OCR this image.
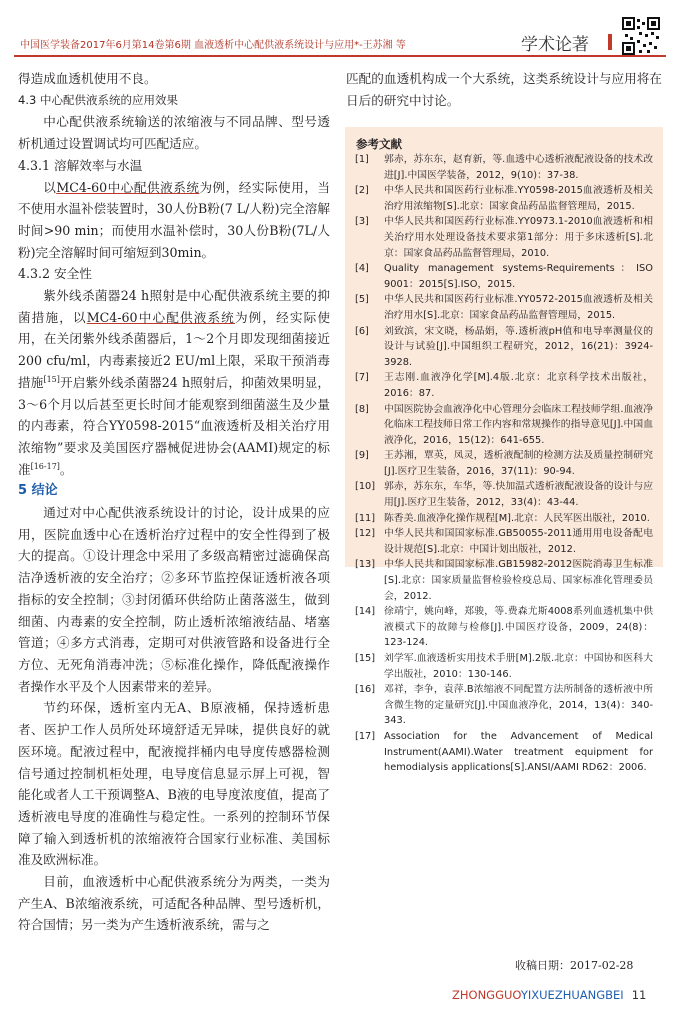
中国医学装备2017年6月第14卷第6期 血液透析中心配供液系统设计与应用*-王苏湘 等	学术论著

得造成血透机使用不良。

4.3 中心配供液系统的应用效果

中心配供液系统输送的浓缩液与不同品牌、型号透析机通过设置调试均可匹配适应。

4.3.1 溶解效率与水温

以MC4-60中心配供液系统为例，经实际使用，当不使用水温补偿装置时，30人份B粉(7 L/人粉)完全溶解时间>90 min；而使用水温补偿时，30人份B粉(7L/人粉)完全溶解时间可缩短到30min。

4.3.2 安全性

紫外线杀菌器24 h照射是中心配供液系统主要的抑菌措施，以MC4-60中心配供液系统为例，经实际使用，在关闭紫外线杀菌器后，1～2个月即发现细菌接近200 cfu/ml，内毒素接近2 EU/ml上限，采取干预消毒措施[15]开启紫外线杀菌器24 h照射后，抑菌效果明显，3～6个月以后甚至更长时间才能观察到细菌滋生及少量的内毒素，符合YY0598-2015“血液透析及相关治疗用浓缩物”要求及美国医疗器械促进协会(AAMI)规定的标准[16-17]。

5 结论

通过对中心配供液系统设计的讨论，设计成果的应用，医院血透中心在透析治疗过程中的安全性得到了极大的提高。①设计理念中采用了多级高精密过滤确保高洁净透析液的安全治疗；②多环节监控保证透析液各项指标的安全控制；③封闭循环供给防止菌落滋生，做到细菌、内毒素的安全控制，防止透析浓缩液结晶、堵塞管道；④多方式消毒，定期可对供液管路和设备进行全方位、无死角消毒冲洗；⑤标准化操作，降低配液操作者操作水平及个人因素带来的差异。

节约环保，透析室内无A、B原液桶，保持透析患者、医护工作人员所处环境舒适无异味，提供良好的就医环境。配液过程中，配液搅拌桶内电导度传感器检测信号通过控制机柜处理，电导度信息显示屏上可视，智能化或者人工干预调整A、B液的电导度浓度值，提高了透析液电导度的准确性与稳定性。一系列的控制环节保障了输入到透析机的浓缩液符合国家行业标准、美国标准及欧洲标准。

目前，血液透析中心配供液系统分为两类，一类为产生A、B浓缩液系统，可适配各种品牌、型号透析机，符合国情；另一类为产生透析液系统，需与之

匹配的血透机构成一个大系统，这类系统设计与应用将在日后的研究中讨论。

参考文献
[1]	郭赤，苏东东，赵育新，等.血透中心透析液配液设备的技术改进[J].中国医学装备，2012，9(10)：37-38.
[2]	中华人民共和国医药行业标准.YY0598-2015血液透析及相关治疗用浓缩物[S].北京：国家食品药品监督管理局，2015.
[3]	中华人民共和国医药行业标准.YY0973.1-2010血液透析和相关治疗用水处理设备技术要求第1部分：用于多床透析[S].北京：国家食品药品监督管理局，2010.
[4]	Quality management systems-Requirements：ISO 9001：2015[S].ISO，2015.
[5]	中华人民共和国医药行业标准.YY0572-2015血液透析及相关治疗用水[S].北京：国家食品药品监督管理局，2015.
[6]	刘致滨，宋文晓，杨晶娟，等.透析液pH值和电导率测量仪的设计与试验[J].中国组织工程研究，2012，16(21)：3924-3928.
[7]	王志刚.血液净化学[M].4版.北京：北京科学技术出版社，2016：87.
[8]	中国医院协会血液净化中心管理分会临床工程技师学组.血液净化临床工程技师日常工作内容和常规操作的指导意见[J].中国血液净化，2016，15(12)：641-655.
[9]	王苏湘，覃英，凤灵，透析液配制的检测方法及质量控制研究[J].医疗卫生装备，2016，37(11)：90-94.
[10] 郭赤，苏东东，车华，等.快加温式透析液配液设备的设计与应用[J].医疗卫生装备，2012，33(4)：43-44.
[11] 陈香美.血液净化操作规程[M].北京：人民军医出版社，2010.
[12] 中华人民共和国国家标准.GB50055-2011通用用电设备配电设计规范[S].北京：中国计划出版社，2012.
[13] 中华人民共和国国家标准.GB15982-2012医院消毒卫生标准[S].北京：国家质量监督检验检疫总局、国家标准化管理委员会，2012.
[14] 徐靖宁，姚向峰，郑骏，等.费森尤斯4008系列血透机集中供液模式下的故障与检修[J].中国医疗设备，2009，24(8)：123-124.
[15] 刘学军.血液透析实用技术手册[M].2版.北京：中国协和医科大学出版社，2010：130-146.
[16] 邓祥，李争，袁萍.B浓缩液不同配置方法所制备的透析液中所含微生物的定量研究[J].中国血液净化，2014，13(4)：340-343.
[17] Association for the Advancement of Medical Instrument(AAMI).Water treatment equipment for hemodialysis applications[S].ANSI/AAMI RD62：2006.
收稿日期：2017-02-28
ZHONGGUOYIXUEZHUANGBEI 11
